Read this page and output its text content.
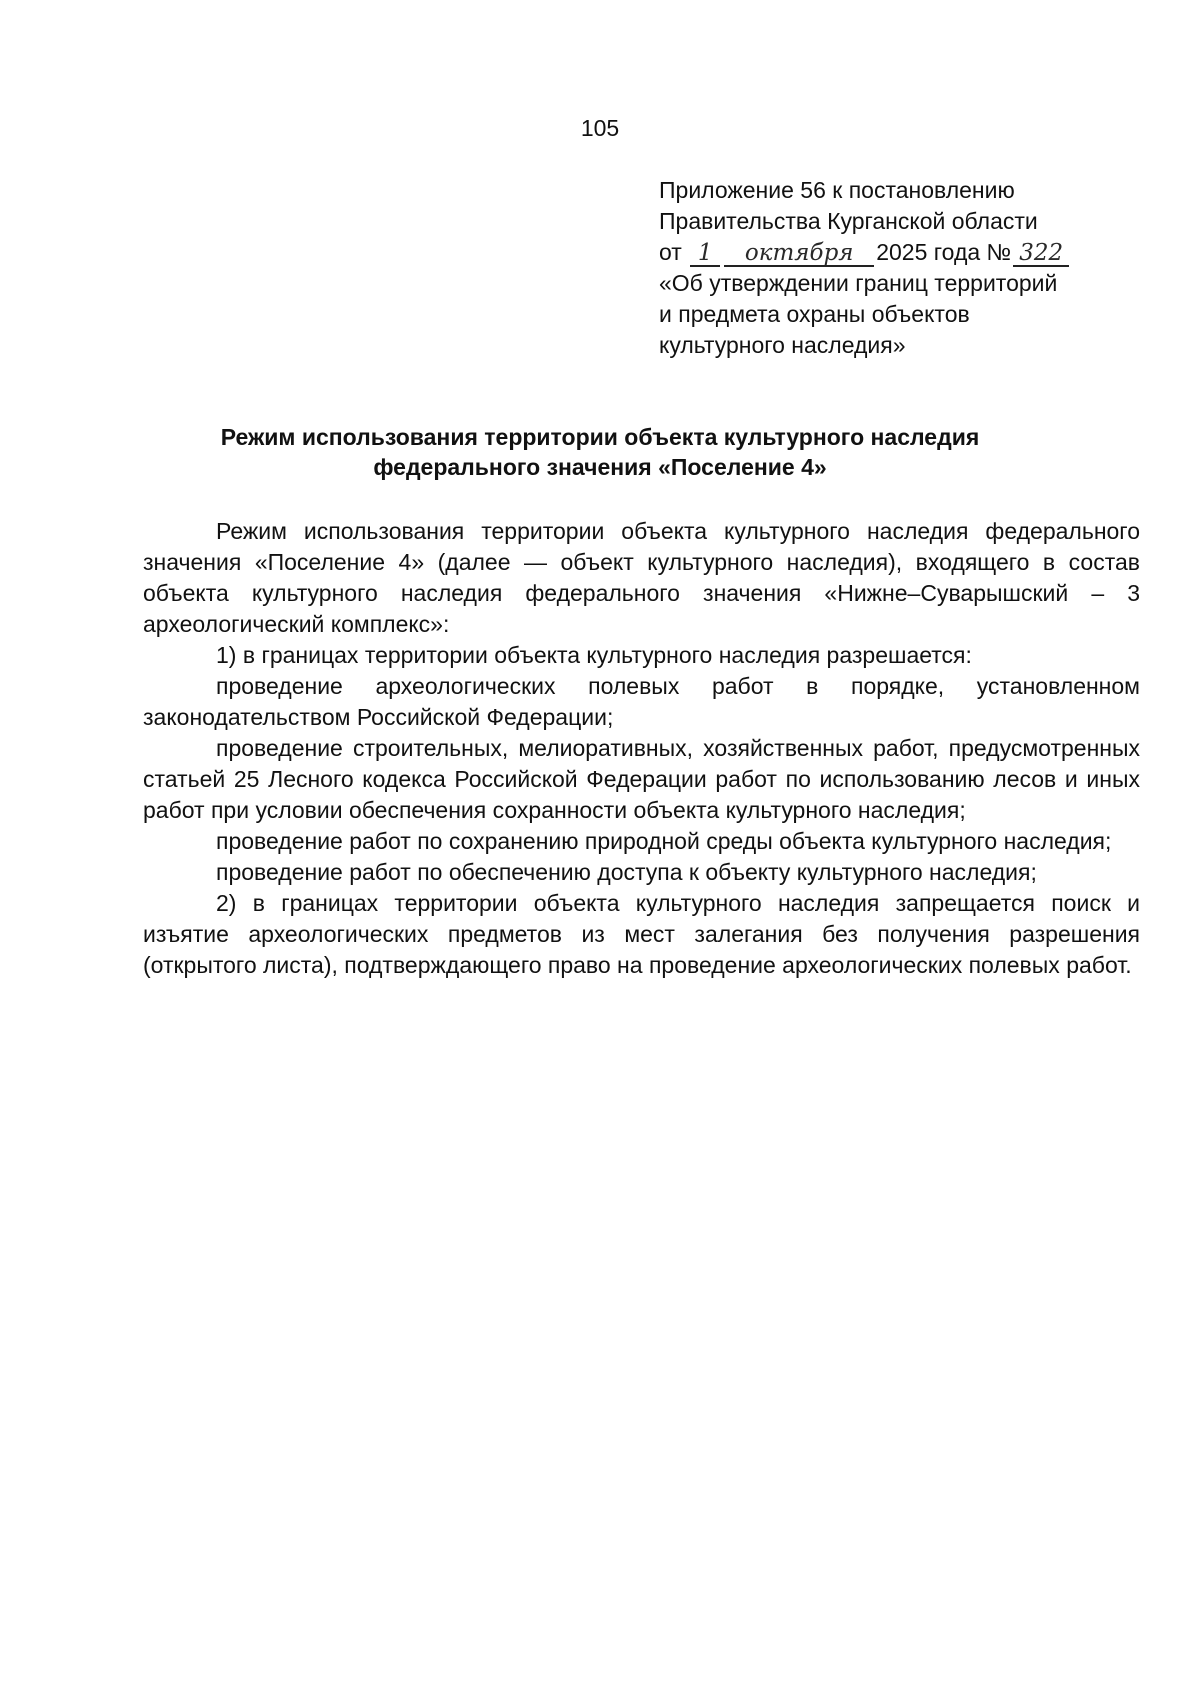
105
Приложение 56 к постановлению
Правительства Курганской области
от 1 октября 2025 года № 322
«Об утверждении границ территорий
и предмета охраны объектов
культурного наследия»
Режим использования территории объекта культурного наследия
федерального значения «Поселение 4»

Режим использования территории объекта культурного наследия федерального значения «Поселение 4» (далее — объект культурного наследия), входящего в состав объекта культурного наследия федерального значения «Нижне–Суварышский – 3 археологический комплекс»:

1) в границах территории объекта культурного наследия разрешается:

проведение археологических полевых работ в порядке, установленном законодательством Российской Федерации;

проведение строительных, мелиоративных, хозяйственных работ, предусмотренных статьей 25 Лесного кодекса Российской Федерации работ по использованию лесов и иных работ при условии обеспечения сохранности объекта культурного наследия;

проведение работ по сохранению природной среды объекта культурного наследия;

проведение работ по обеспечению доступа к объекту культурного наследия;

2) в границах территории объекта культурного наследия запрещается поиск и изъятие археологических предметов из мест залегания без получения разрешения (открытого листа), подтверждающего право на проведение археологических полевых работ.
